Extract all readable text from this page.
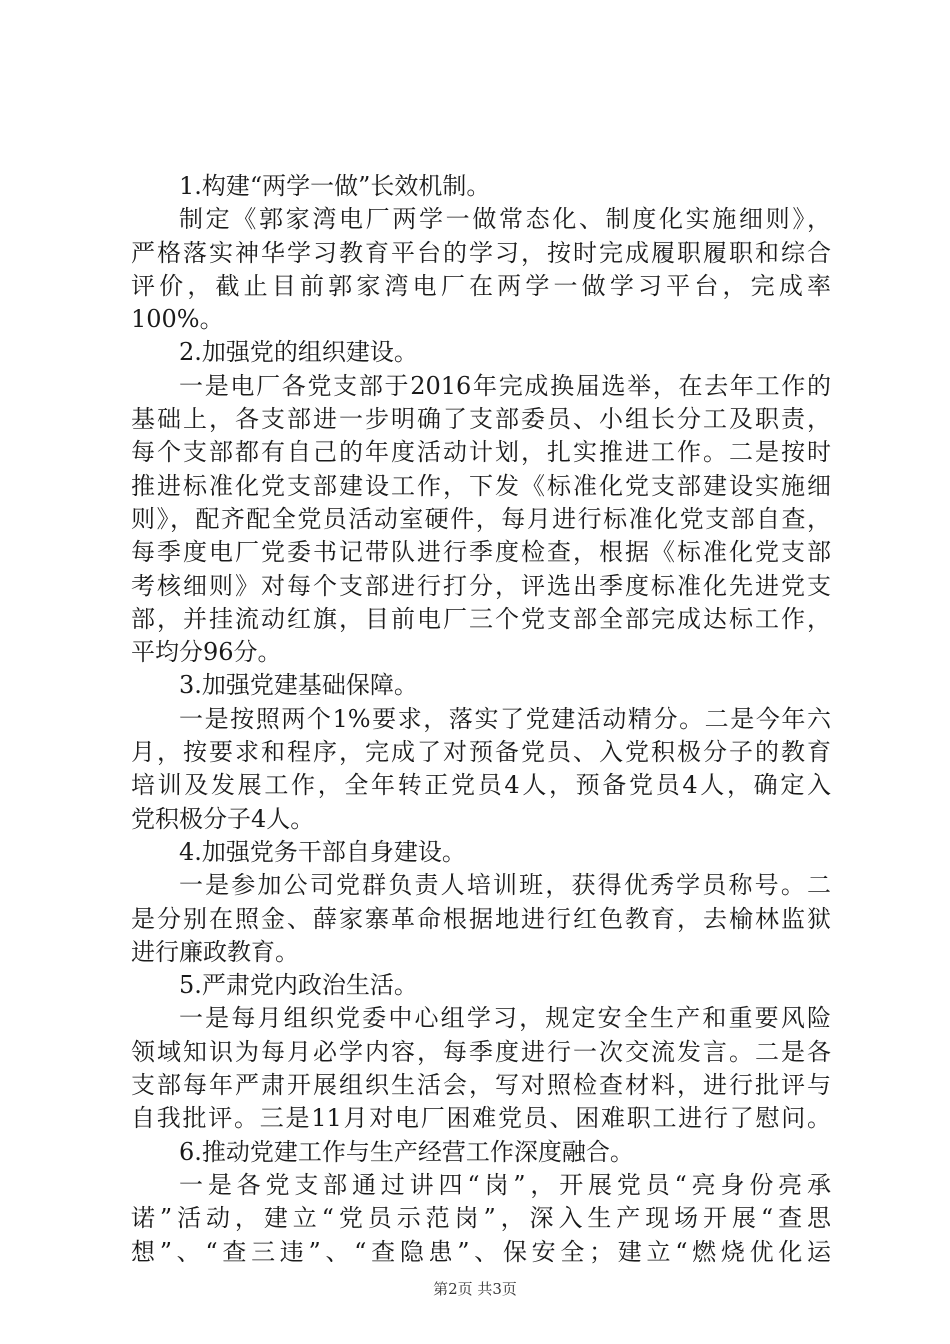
1.构建“两学一做”长效机制。
制定《郭家湾电厂两学一做常态化、制度化实施细则》，
严格落实神华学习教育平台的学习，按时完成履职履职和综合
评价，截止目前郭家湾电厂在两学一做学习平台，完成率
100%。
2.加强党的组织建设。
一是电厂各党支部于2016年完成换届选举，在去年工作的
基础上，各支部进一步明确了支部委员、小组长分工及职责，
每个支部都有自己的年度活动计划，扎实推进工作。二是按时
推进标准化党支部建设工作，下发《标准化党支部建设实施细
则》，配齐配全党员活动室硬件，每月进行标准化党支部自查，
每季度电厂党委书记带队进行季度检查，根据《标准化党支部
考核细则》对每个支部进行打分，评选出季度标准化先进党支
部，并挂流动红旗，目前电厂三个党支部全部完成达标工作，
平均分96分。
3.加强党建基础保障。
一是按照两个1%要求，落实了党建活动精分。二是今年六
月，按要求和程序，完成了对预备党员、入党积极分子的教育
培训及发展工作，全年转正党员4人，预备党员4人，确定入
党积极分子4人。
4.加强党务干部自身建设。
一是参加公司党群负责人培训班，获得优秀学员称号。二
是分别在照金、薛家寨革命根据地进行红色教育，去榆林监狱
进行廉政教育。
5.严肃党内政治生活。
一是每月组织党委中心组学习，规定安全生产和重要风险
领域知识为每月必学内容，每季度进行一次交流发言。二是各
支部每年严肃开展组织生活会，写对照检查材料，进行批评与
自我批评。三是11月对电厂困难党员、困难职工进行了慰问。
6.推动党建工作与生产经营工作深度融合。
一是各党支部通过讲四“岗”，开展党员“亮身份亮承
诺”活动，建立“党员示范岗”，深入生产现场开展“查思
想”、“查三违”、“查隐患”、保安全；建立“燃烧优化运
第2页 共3页
